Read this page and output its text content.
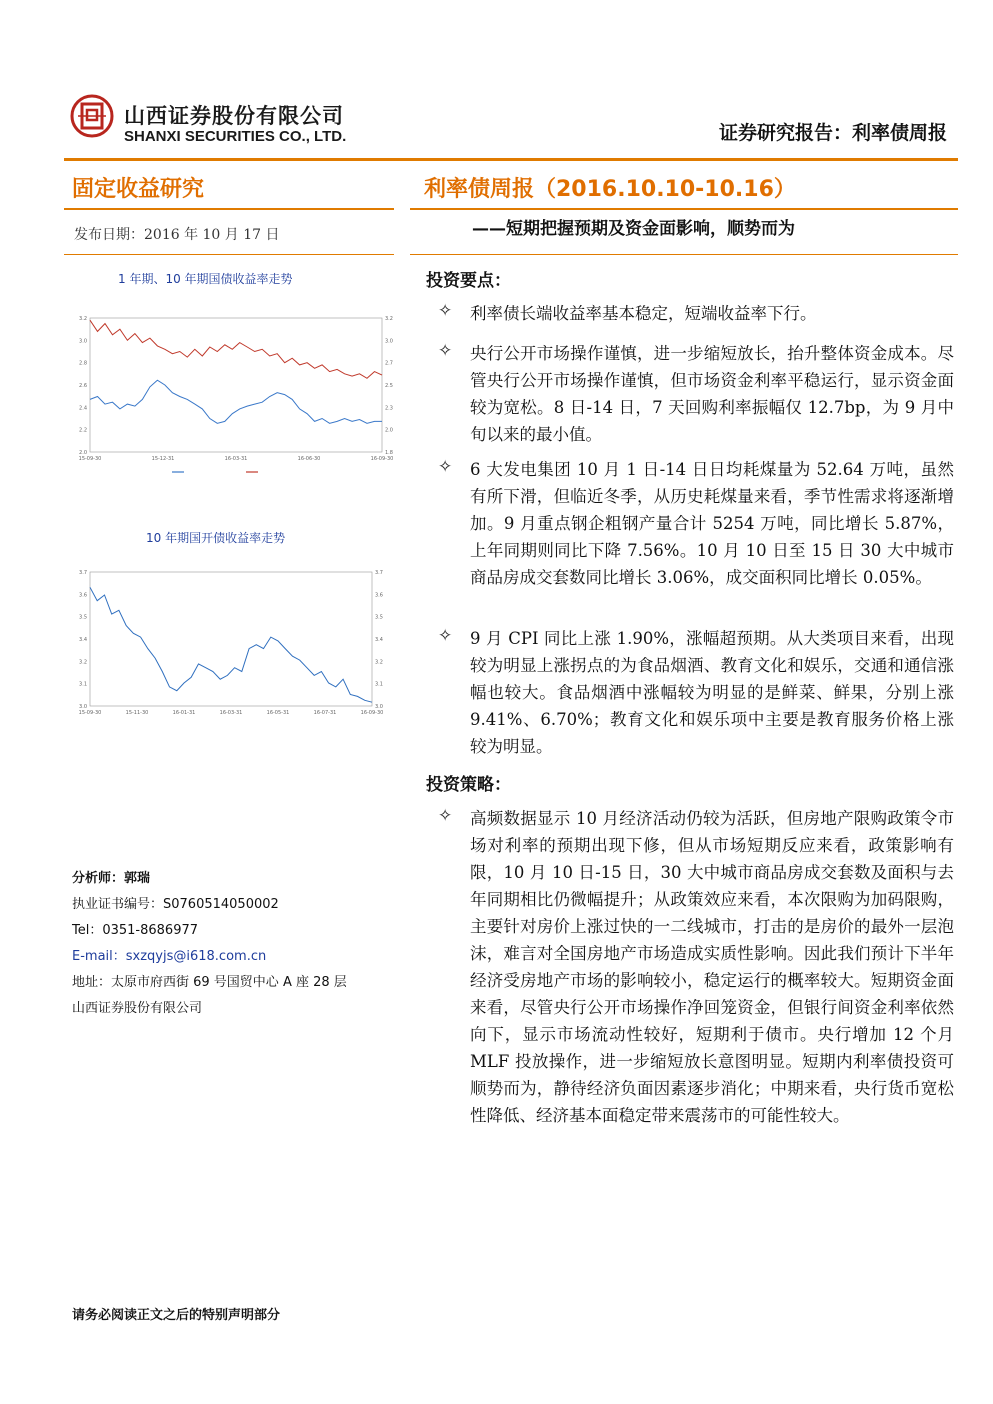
山西证券股份有限公司
SHANXI SECURITIES CO., LTD.	证券研究报告：利率债周报
固定收益研究
发布日期：2016 年 10 月 17 日
利率债周报（2016.10.10-10.16）
——短期把握预期及资金面影响，顺势而为
1 年期、10 年期国债收益率走势
2.0
2.2
2.4
2.6
2.8
3.0
3.2
1.8
2.0
2.3
2.5
2.7
3.0
3.2
15-09-30	15-12-31	16-03-31	16-06-30	16-09-30
10 年期国开债收益率走势
3.0
3.1
3.2
3.4
3.5
3.6
3.7
3.0
3.1
3.2
3.4
3.5
3.6
3.7
15-09-30	15-11-30	16-01-31	16-03-31	16-05-31	16-07-31	16-09-30
分析师：郭瑞
执业证书编号：S0760514050002
Tel：0351-8686977
E-mail：sxzqyjs@i618.com.cn
地址：太原市府西街 69 号国贸中心 A 座 28 层
山西证券股份有限公司
投资要点：
✧ 利率债长端收益率基本稳定，短端收益率下行。
✧ 央行公开市场操作谨慎，进一步缩短放长，抬升整体资金成本。尽管央行公开市场操作谨慎，但市场资金利率平稳运行，显示资金面较为宽松。8 日-14 日，7 天回购利率振幅仅 12.7bp，为 9 月中旬以来的最小值。
✧ 6 大发电集团 10 月 1 日-14 日日均耗煤量为 52.64 万吨，虽然有所下滑，但临近冬季，从历史耗煤量来看，季节性需求将逐渐增加。9 月重点钢企粗钢产量合计 5254 万吨，同比增长 5.87%，上年同期则同比下降 7.56%。10 月 10 日至 15 日 30 大中城市商品房成交套数同比增长 3.06%，成交面积同比增长 0.05%。
✧ 9 月 CPI 同比上涨 1.90%，涨幅超预期。从大类项目来看，出现较为明显上涨拐点的为食品烟酒、教育文化和娱乐，交通和通信涨幅也较大。食品烟酒中涨幅较为明显的是鲜菜、鲜果，分别上涨 9.41%、6.70%；教育文化和娱乐项中主要是教育服务价格上涨较为明显。
投资策略：
✧ 高频数据显示 10 月经济活动仍较为活跃，但房地产限购政策令市场对利率的预期出现下修，但从市场短期反应来看，政策影响有限，10 月 10 日-15 日，30 大中城市商品房成交套数及面积与去年同期相比仍微幅提升；从政策效应来看，本次限购为加码限购，主要针对房价上涨过快的一二线城市，打击的是房价的最外一层泡沫，难言对全国房地产市场造成实质性影响。因此我们预计下半年经济受房地产市场的影响较小，稳定运行的概率较大。短期资金面来看，尽管央行公开市场操作净回笼资金，但银行间资金利率依然向下，显示市场流动性较好，短期利于债市。央行增加 12 个月 MLF 投放操作，进一步缩短放长意图明显。短期内利率债投资可顺势而为，静待经济负面因素逐步消化；中期来看，央行货币宽松性降低、经济基本面稳定带来震荡市的可能性较大。
请务必阅读正文之后的特别声明部分
